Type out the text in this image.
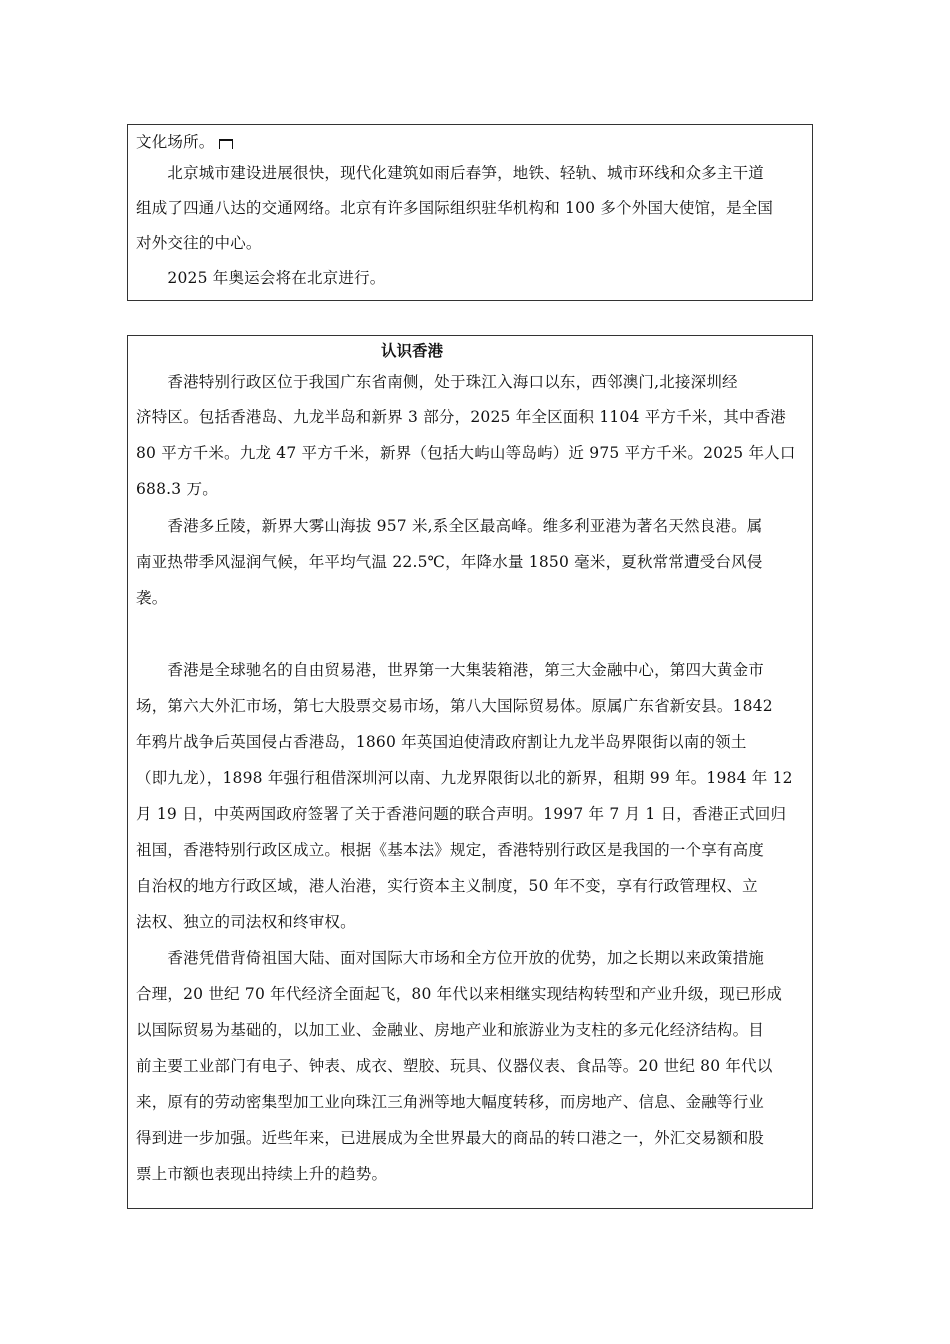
文化场所。
　　北京城市建设进展很快，现代化建筑如雨后春笋，地铁、轻轨、城市环线和众多主干道
组成了四通八达的交通网络。北京有许多国际组织驻华机构和 100 多个外国大使馆，是全国
对外交往的中心。
　　2025 年奥运会将在北京进行。
认识香港
　　香港特别行政区位于我国广东省南侧，处于珠江入海口以东，西邻澳门,北接深圳经
济特区。包括香港岛、九龙半岛和新界 3 部分，2025 年全区面积 1104 平方千米，其中香港
80 平方千米。九龙 47 平方千米，新界（包括大屿山等岛屿）近 975 平方千米。2025 年人口
688.3 万。
　　香港多丘陵，新界大雾山海拔 957 米,系全区最高峰。维多利亚港为著名天然良港。属
南亚热带季风湿润气候，年平均气温 22.5℃，年降水量 1850 毫米，夏秋常常遭受台风侵
袭。
　　香港是全球驰名的自由贸易港，世界第一大集装箱港，第三大金融中心，第四大黄金市
场，第六大外汇市场，第七大股票交易市场，第八大国际贸易体。原属广东省新安县。1842
年鸦片战争后英国侵占香港岛，1860 年英国迫使清政府割让九龙半岛界限街以南的领土
（即九龙），1898 年强行租借深圳河以南、九龙界限街以北的新界，租期 99 年。1984 年 12
月 19 日，中英两国政府签署了关于香港问题的联合声明。1997 年 7 月 1 日，香港正式回归
祖国，香港特别行政区成立。根据《基本法》规定，香港特别行政区是我国的一个享有高度
自治权的地方行政区域，港人治港，实行资本主义制度，50 年不变，享有行政管理权、立
法权、独立的司法权和终审权。
　　香港凭借背倚祖国大陆、面对国际大市场和全方位开放的优势，加之长期以来政策措施
合理，20 世纪 70 年代经济全面起飞，80 年代以来相继实现结构转型和产业升级，现已形成
以国际贸易为基础的，以加工业、金融业、房地产业和旅游业为支柱的多元化经济结构。目
前主要工业部门有电子、钟表、成衣、塑胶、玩具、仪器仪表、食品等。20 世纪 80 年代以
来，原有的劳动密集型加工业向珠江三角洲等地大幅度转移，而房地产、信息、金融等行业
得到进一步加强。近些年来，已进展成为全世界最大的商品的转口港之一，外汇交易额和股
票上市额也表现出持续上升的趋势。
